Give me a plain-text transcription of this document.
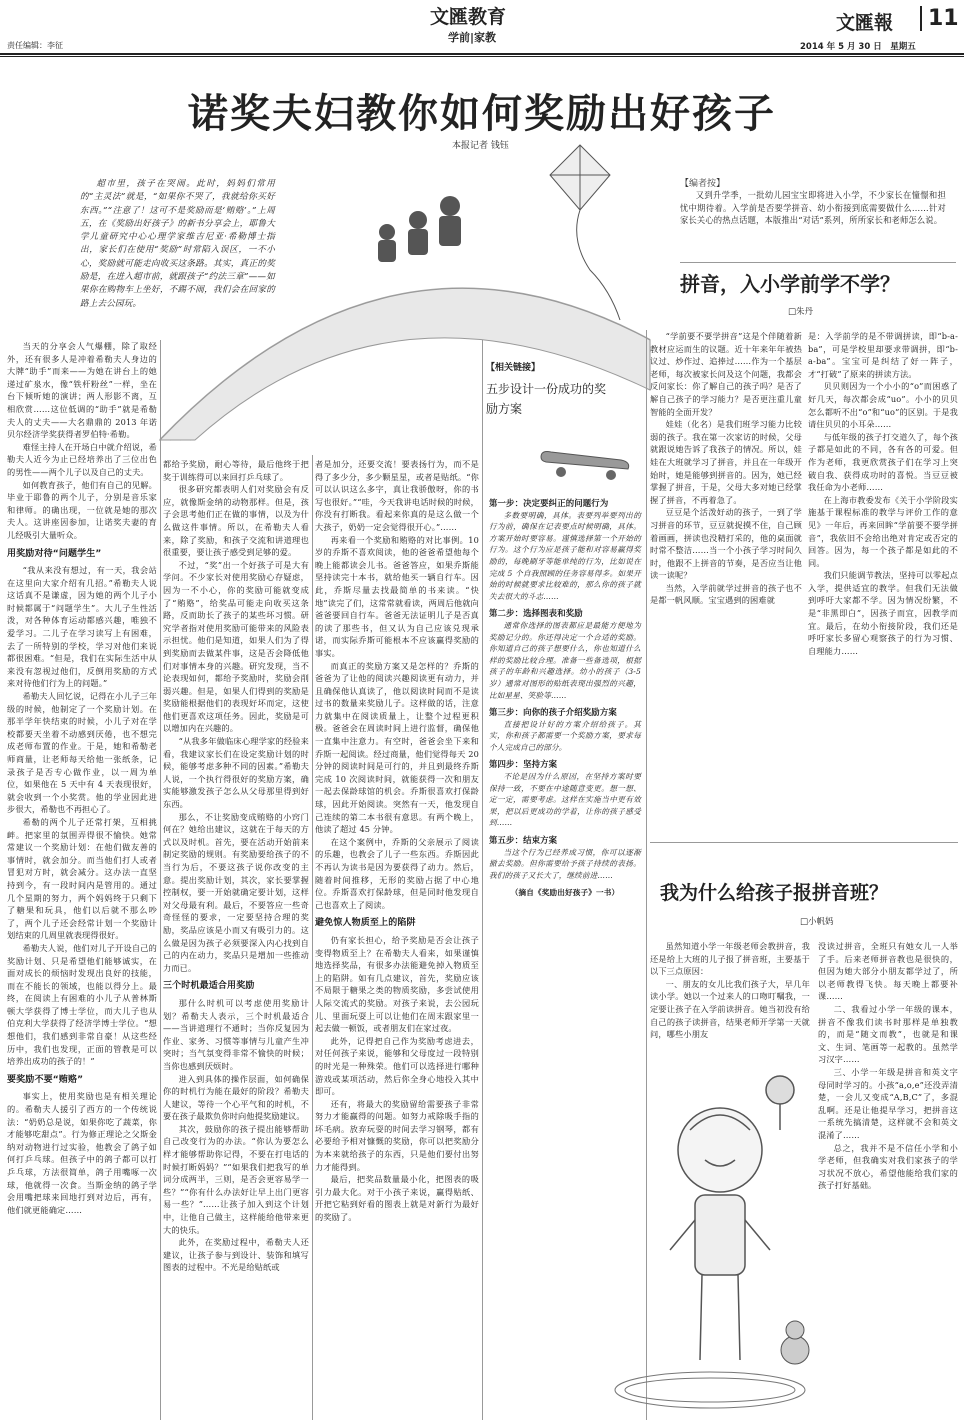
文匯教育
学前|家教
责任编辑：李征
文匯報	11
2014 年 5 月 30 日　星期五
诺奖夫妇教你如何奖励出好孩子
本报记者 钱钰

超市里，孩子在哭闹。此时，妈妈们常用的“主灵法”就是，“如果你不哭了，我就给你买好东西。”“注意了！这可不是奖励而是‘贿赂’。”上周五，在《奖励出好孩子》的新书分享会上，耶鲁大学儿童研究中心心理学家维吉尼亚·希勒博士指出，家长们在使用“奖励”时常陷入误区，一不小心，奖励就可能走向收买这条路。其实，真正的奖励是，在进入超市前，就跟孩子“约法三章”——如果你在购物车上坐好，不踢不闹，我们会在回家的路上去公园玩。

【编者按】

又到升学季，一批幼儿园宝宝即将进入小学，不少家长在憧憬和担忧中期待着。入学前是否要学拼音、幼小衔接到底需要做什么……针对家长关心的热点话题，本版推出“对话”系列，所所家长和老师怎么说。

拼音，入小学前学不学？
□朱丹

当天的分享会人气爆棚，除了取经外，还有很多人是冲着希勒夫人身边的大牌“助手”而来——为她在讲台上的她递过矿泉水，像“铁杆粉丝”一样，坐在台下倾听她的演讲；两人形影不离，互相欣赏……这位低调的“助手”就是希勒夫人的丈夫——大名鼎鼎的 2013 年诺贝尔经济学奖获得者罗伯特·希勒。

难怪主持人在开场白中就介绍说，希勒夫人近今为止已经培养出了三位出色的男性——两个儿子以及自己的丈夫。

如何教育孩子，他们有自己的见解。毕业于耶鲁的两个儿子，分别是音乐家和律师。的确出现，一位就是她的那次夫人。这讲座因参加，让诺奖夫妻的育儿经吸引大量听众。

用奖励对待“问题学生”

“我从来没有想过，有一天，我会站在这里向大家介绍有几招。”希勒夫人说这话真不是谦虚，因为她的两个儿子小时候都属于“问题学生”。大儿子生性活泼，对各种体育运动都感兴趣，唯独不爱学习。二儿子在学习读写上有困难，去了一所特别的学校，学习对他们来说都很困难。“但是，我们在实际生活中从来没有忽视过他们，反倒用奖励的方式来对待他们行为上的问题。”

希勒夫人回忆说，记得在小儿子三年级的时候，他制定了一个奖励计划。在那半学年快结束的时候，小儿子对在学校都要天坐着不动感到厌倦，也不想完成老师布置的作业。于是，她和希勒老师商量，让老师每天给他一张纸条，记录孩子是否专心做作业，以一周为单位，如果他在 5 天中有 4 天表现很好，就会收到一个小奖赏。他的学业因此进步很大，希勒也不再担心了。

希勒的两个儿子还常打架，互相挑衅。把家里的氛围弄得很不愉快。她常常建议一个奖励计划：在他们做友善的事情时，就会加分。而当他们打人或者冒犯对方时，就会减分。这办法一直坚持到今，有一段时间内是管用的。通过几个星期的努力，两个妈妈终于只剩下了糖果和玩具，他们以后就不那么吵了，两个儿子还会经常计划一个奖励计划结束的几周里就表现得很好。

希勒夫人说，他们对儿子开设自己的奖励计划、只是希望他们能够诚实，在面对成长的烦恼时发现出良好的技能，而在不能长的领域，也能以得分上。最终，在阅读上有困难的小儿子从普林斯顿大学获得了博士学位，而大儿子也从伯克利大学获得了经济学博士学位。“想想他们，我们感到非常自豪！从这些经历中，我们也发现，正面的管教是可以培养出成功的孩子的！”

要奖励不要“贿赂”

事实上，使用奖励也是有相关理论的。希勒夫人援引了西方的一个传统说法：“奶奶总是说，如果你吃了蔬菜，你才能够吃甜点”。行为修正理论之父斯金纳对动物进行过实验，他教会了鸽子如何打乒乓球。但孩子中的鸽子都可以打乒乓球，方法很简单，鸽子用嘴啄一次球，他就得一次食。当斯金纳的鸽子学会用嘴把球来回地打到对边后，再有，他们就更能确定……

都给予奖励，耐心等待，最后他终于把奖于训练得可以来回打乒乓球了。

很多研究都表明人们对奖励会有反应，就像斯金纳的动物那样。但是，孩子会思考他们正在做的事情，以及为什么做这件事情。所以，在希勒夫人看来，除了奖励，和孩子交流和讲道理也很重要，要让孩子感受到足够的爱。

不过，“奖”出一个好孩子可是大有学问。不少家长对使用奖励心存疑虑，因为一不小心，你的奖励可能就变成了“贿赂”，给奖品可能走向收买这条路，反而助长了孩子的某些坏习惯。研究学者指对使用奖励可能带来的风险表示担忧。他们是知道，如果人们为了得到奖励而去做某件事，这是否会降低他们对事情本身的兴趣。研究发现，当不论表现如何，都给予奖励时，奖励会削弱兴趣。但是，如果人们得到的奖励是奖励能根据他们的表现好坏而定，这使他们更喜欢这项任务。因此，奖励是可以增加内在兴趣的。

“从我多年做临床心理学家的经验来看，我建议家长们在设定奖励计划的时候，能够考虑多种不同的因素。”希勒夫人说，一个执行得很好的奖励方案，确实能够激发孩子怎么从父母那里得到好东西。

那么，不让奖励变成贿赂的小窍门何在？她给出建议，这就在于每天的方式以及时机。首先，要在活动开始前来制定奖励的规则。有奖励要给孩子的不当行为后，不要这孩子说你改变的主意。提出奖励计划，其次，家长要掌握控制权，要一开始就确定要计划，这样对父母最有利。最后，不要答应一些奇奇怪怪的要求，一定要坚持合理的奖励，奖品应该是小而又有吸引力的。这么做是因为孩子必须要深入内心找到自己的内在动力，奖品只是增加一些推动力而已。

三个时机最适合用奖励

那什么时机可以考虑使用奖励计划？希勒夫人表示，三个时机最适合——当讲道理行不通时；当你反复因为作业、家务、习惯等事情与儿童产生冲突时；当气氛变得非常不愉快的时候；当你也感到厌烦时。

进入到具体的操作层面，如何确保你的时机行为能在最好的阶段？希勒夫人建议，等待一个心平气和的时机，不要在孩子最欺负你时向他提奖励建议。

其次，鼓励你的孩子提出能够帮助自己改变行为的办法。“你认为要怎么样才能够帮助你记得，不要在打电话的时候打断妈妈？”“如果我们把我写的单词分成两半，三则，是否会更容易学一些？”“你有什么办法好让早上出门更容易一些？”……让孩子加入到这个计划中，让他自己做主，这样能给他带来更大的快乐。

此外，在奖励过程中，希勒夫人还建议，让孩子参与到设计、装饰和填写图表的过程中。不光是给贴纸或

者是加分，还要交流！要表扬行为，而不是得了多少分，多少颗星星，或者是贴纸。“你可以认识这么多字，真让我骄傲呀，你的书写也很好。”“哇，今天我讲电话时候的时候，你没有打断我。看起来你真的是这么做一个大孩子，奶奶一定会觉得很开心。”……

再来看一个奖励和贿赂的对比事例。10 岁的乔斯不喜欢阅读，他的爸爸希望他每个晚上能都读会儿书。爸爸答应，如果乔斯能坚持读完十本书，就给他买一辆自行车。因此，乔斯尽量去找最简单的书来读。“快地”读完了们，这常常就看读，两周后他就向爸爸要回自行车。爸爸无法证明儿子是否真的读了那些书，但又认为自己应该兑现承诺，而实际乔斯可能根本不应该赢得奖励的事实。

而真正的奖励方案又是怎样的？乔斯的爸爸为了让他的阅读兴趣阅读更有动力，并且确保他认真读了，他以阅读时间而不是读过书的数量来奖励儿子。这样做的话，注意力就集中在阅读质量上，让整个过程更积极。爸爸会在周读时间上进行监督，确保他一直集中注意力。有空时，爸爸会坐下来和乔斯一起阅读。经过商量，他们觉得每天 20 分钟的阅读时间是可行的，并且到最终乔斯完成 10 次阅读时间，就能获得一次和朋友一起去保龄球馆的机会。乔斯很喜欢打保龄球，因此开始阅读。突然有一天，他发现自己连续的第二本书很有意思。有两个晚上，他读了超过 45 分钟。

在这个案例中，乔斯的父亲展示了阅读的乐趣，也教会了儿子一些东西。乔斯因此不再认为读书是因为要获得了动力。然后，随着时间推移，无形的奖励占据了中心地位。乔斯喜欢打保龄球，但是同时他发现自己也喜欢上了阅读。

避免惊人物质至上的陷阱

仍有家长担心，给予奖励是否会让孩子变得物质至上？在希勒夫人看来，如果谨慎地选择奖品，有很多办法能避免掉入物质至上的陷阱。如有几点建议，首先，奖励应该不局限于糖果之类的物质奖励，多尝试使用人际交流式的奖励。对孩子来说，去公园玩儿、里面玩耍上可以让他们在周末跟家里一起去做一顿饭，或者朋友们在家过夜。

此外，记得把自己作为奖励考虑进去，对任何孩子来说，能够和父母度过一段特别的时光是一种殊荣。他们可以选择进行哪种游戏或某项活动，然后你全身心地投入其中即可。

还有，将最大的奖励留给需要孩子非常努力才能赢得的问题。如努力戒除吸手指的坏毛病。放弃玩耍的时间去学习钢琴，都有必要给予相对慷慨的奖励，你可以把奖励分为本来就给孩子的东西，只是他们要付出努力才能得到。

最后，把奖品数量最小化，把图表的吸引力最大化。对于小孩子来说，赢得贴纸、开把它粘到好看的图表上就是对新行为最好的奖励了。

【相关链接】
五步设计一份成功的奖励方案
第一步：决定要纠正的问题行为

多数要明确，具体。表要列举要列出的行为前，确保在记表要点时候明确，具体。方案开始时要容易。谨慎选择第一个开始的行为。这个行为应是孩子能和对容易赢得奖励的，每晚刷牙等能单纯的行为，比如说在完成 5 个自我照顾的任务容易得多。如果开始的时候就要求比较难的，那么你的孩子就失去很大的斗志……

第二步：选择图表和奖励

通常你选择的图表都应是最能方便地为奖励记分的。你还得决定一个合适的奖励。你知道自己的孩子想要什么，你也知道什么样的奖励比较合理。准备一些备选项，根据孩子的年龄和兴趣选择。幼小的孩子（3-5 岁）通常对图形的贴纸表现出强烈的兴趣，比如星星、笑脸等……

第三步：向你的孩子介绍奖励方案

直接把设计好的方案介绍给孩子。其实，你和孩子都需要一个奖励方案，要求每个人完成自己的部分。

第四步：坚持方案

不论是因为什么原因，在坚持方案时要保持一致，不要在中途随意变更。想一想、定一定，需要考虑。这样在实施当中更有效果，把以后更成功的学着，让你的孩子感受到……

第五步：结束方案

当这个行为已经养成习惯，你可以逐渐撤去奖励。但你需要给予孩子持续的表扬。我们的孩子又长大了，继续前进……

（摘自《奖励出好孩子》一书）

“学前要不要学拼音”这是个伴随着新教材应运而生的议题。近十年来年年被热议过、炒作过、追捧过……作为一个基层老师，每次被家长问及这个问题，我都会反问家长：你了解自己的孩子吗？是否了解自己孩子的学习能力？是否更注重儿童智能的全面开发？

娃娃（化名）是我们班学习能力比较弱的孩子。我在第一次家访的时候，父母就跟说她告诉了我孩子的情况。所以，娃娃在大班就学习了拼音，并且在一年级开始时，她是能够到拼音的。因为，她已经掌握了拼音，于是，父母大多对她已经掌握了拼音，不再着急了。

豆豆是个活泼好动的孩子，一到了学习拼音的环节，豆豆就捉摸不住，自己顾着画画，拼读也没精打采的，他的桌面就时常不整洁……当一个小孩子学习时间久时，他跟不上拼音的节奏，是否应当让他读一读呢？

当然，入学前就学过拼音的孩子也不是都一帆风顺。宝宝遇到的困难就

是：入学前学的是不带调拼读，即“b-a-ba”，可是学校里却要求带调拼，即“b-a-ba”。宝宝可是纠结了好一阵子，才“打破”了原来的拼读方法。

贝贝则因为一个小小的“o”而困惑了好几天，每次都会成“uo”。小小的贝贝怎么都听不出“o”和“uo”的区别。于是我请住贝贝的小耳朵……

与低年级的孩子打交道久了，每个孩子都是如此的不同，各有各的可爱。但作为老师，我更欣赏孩子们在学习上突破自我、获得成功时的喜悦。当豆豆被我任命为小老师……

在上海市教委发布《关于小学阶段实施基于课程标准的教学与评价工作的意见》一年后，再来回眸“学前要不要学拼音”，我依旧不会给出绝对肯定或否定的回答。因为，每一个孩子都是如此的不同。

我们只能调节教法，坚持可以零起点入学，提供适宜的教学。但我们无法做到呼吁大家都不学。因为情况纷繁，不是“非黑即白”，因孩子而宜，因教学而宜。最后，在幼小衔接阶段，我们还是呼吁家长多留心观察孩子的行为习惯、自理能力……

我为什么给孩子报拼音班？
□小帆妈

虽然知道小学一年级老师会教拼音，我还是给上大班的儿子报了拼音班，主要基于以下三点原因：

一、朋友的女儿比我们孩子大，早几年读小学。她以一个过来人的口吻叮嘱我，一定要让孩子在入学前读拼音。她当初没有给自己的孩子读拼音，结果老师开学第一天就问，哪些小朋友

没读过拼音，全班只有她女儿一人举了手。后来老师拼音教也是很快的，但因为她大部分小朋友都学过了，所以老师教得飞快。每天晚上都要补课……

二、我看过小学一年级的课本，拼音不像我们读书时那样是单独教的，而是“随文而教”，也就是和课文、生词、笔画等一起教的。虽然学习汉字……

三、小学一年级是拼音和英文字母同时学习的。小孩“a,o,e”还没弄清楚，一会儿又变成“A,B,C”了，多混乱啊。还是让他提早学习，把拼音这一系统先搞清楚，这样就不会和英文混淆了……

总之，我并不是不信任小学和小学老师，但我确实对我们家孩子的学习状况不放心，希望他能给我们家的孩子打好基础。
